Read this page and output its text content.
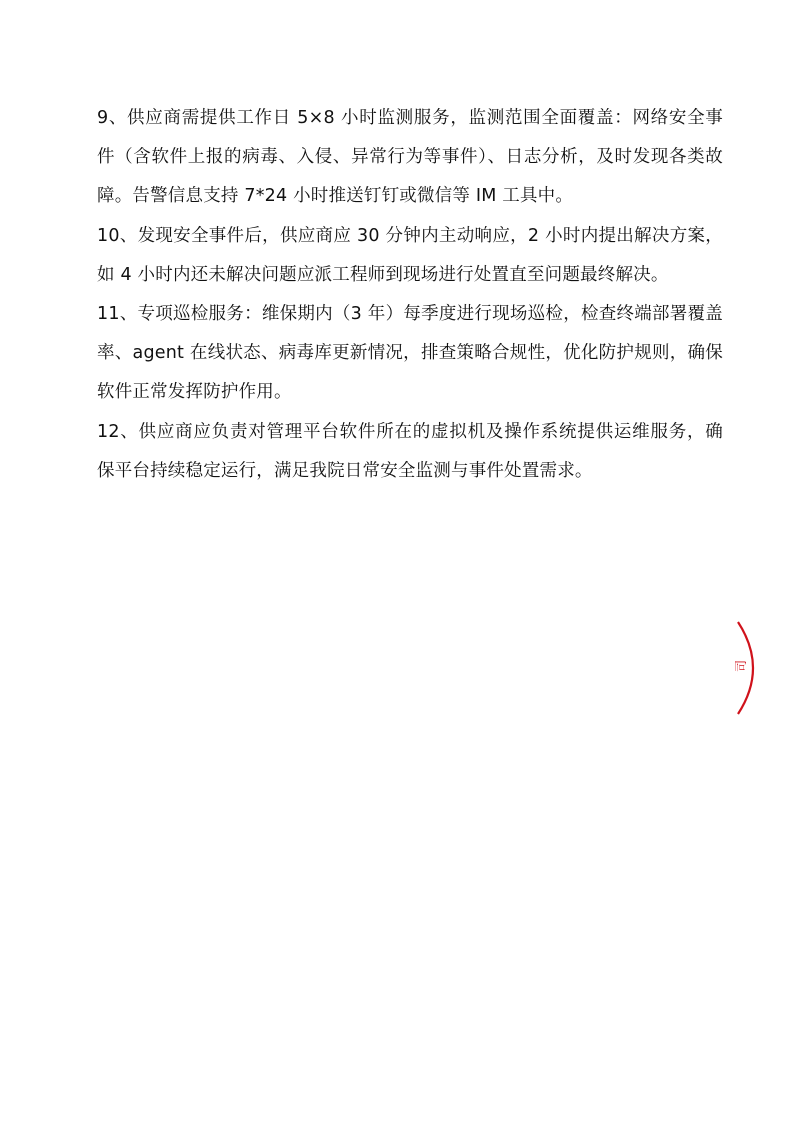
9、供应商需提供工作日 5×8 小时监测服务，监测范围全面覆盖：网络安全事
件（含软件上报的病毒、入侵、异常行为等事件）、日志分析，及时发现各类故
障。告警信息支持 7*24 小时推送钉钉或微信等 IM 工具中。
10、发现安全事件后，供应商应 30 分钟内主动响应，2 小时内提出解决方案，
如 4 小时内还未解决问题应派工程师到现场进行处置直至问题最终解决。
11、专项巡检服务：维保期内（3 年）每季度进行现场巡检，检查终端部署覆盖
率、agent 在线状态、病毒库更新情况，排查策略合规性，优化防护规则，确保
软件正常发挥防护作用。
12、供应商应负责对管理平台软件所在的虚拟机及操作系统提供运维服务，确
保平台持续稳定运行，满足我院日常安全监测与事件处置需求。
司
